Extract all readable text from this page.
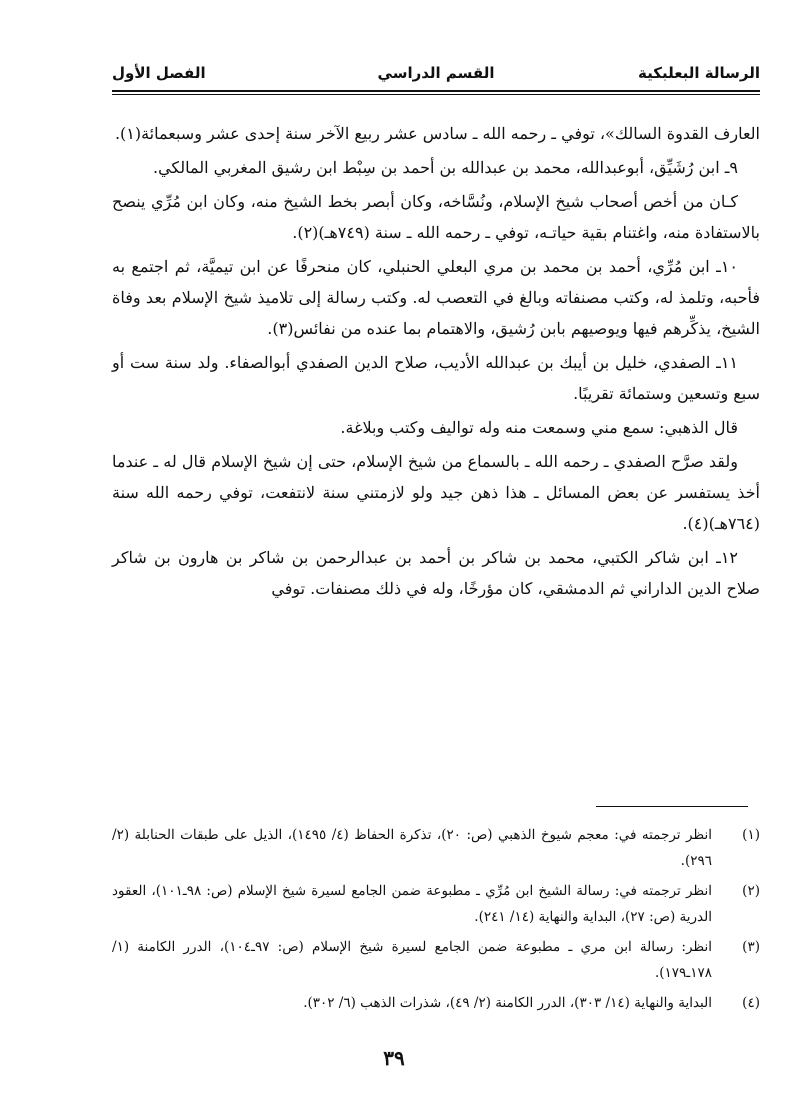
الرسالة البعلبكية
القسم الدراسي
الفصل الأول

العارف القدوة السالك»، توفي ـ رحمه الله ـ سادس عشر ربيع الآخر سنة إحدى عشر وسبعمائة(١).

٩ـ ابن رُشَيِّق، أبوعبدالله، محمد بن عبدالله بن أحمد بن سِبْط ابن رشيق المغربي المالكي.

كـان من أخص أصحاب شيخ الإسلام، ونُسَّاخه، وكان أبصر بخط الشيخ منه، وكان ابن مُرِّي ينصح بالاستفادة منه، واغتنام بقية حياتـه، توفي ـ رحمه الله ـ سنة (٧٤٩هـ)(٢).

١٠ـ ابن مُرِّي، أحمد بن محمد بن مري البعلي الحنبلي، كان منحرفًا عن ابن تيميَّة، ثم اجتمع به فأحبه، وتلمذ له، وكتب مصنفاته وبالغ في التعصب له. وكتب رسالة إلى تلاميذ شيخ الإسلام بعد وفاة الشيخ، يذكِّرهم فيها ويوصيهم بابن رُشيق، والاهتمام بما عنده من نفائس(٣).

١١ـ الصفدي، خليل بن أيبك بن عبدالله الأديب، صلاح الدين الصفدي أبوالصفاء. ولد سنة ست أو سبع وتسعين وستمائة تقريبًا.

قال الذهبي: سمع مني وسمعت منه وله تواليف وكتب وبلاغة.

ولقد صرَّح الصفدي ـ رحمه الله ـ بالسماع من شيخ الإسلام، حتى إن شيخ الإسلام قال له ـ عندما أخذ يستفسر عن بعض المسائل ـ هذا ذهن جيد ولو لازمتني سنة لانتفعت، توفي رحمه الله سنة (٧٦٤هـ)(٤).

١٢ـ ابن شاكر الكتبي، محمد بن شاكر بن أحمد بن عبدالرحمن بن شاكر بن هارون بن شاكر صلاح الدين الداراني ثم الدمشقي، كان مؤرخًا، وله في ذلك مصنفات. توفي

(١)
انظر ترجمته في: معجم شيوخ الذهبي (ص: ٢٠)، تذكرة الحفاظ (٤/ ١٤٩٥)، الذيل على طبقات الحنابلة (٢/ ٢٩٦).
(٢)
انظر ترجمته في: رسالة الشيخ ابن مُرِّي ـ مطبوعة ضمن الجامع لسيرة شيخ الإسلام (ص: ٩٨ـ١٠١)، العقود الدرية (ص: ٢٧)، البداية والنهاية (١٤/ ٢٤١).
(٣)
انظر: رسالة ابن مري ـ مطبوعة ضمن الجامع لسيرة شيخ الإسلام (ص: ٩٧ـ١٠٤)، الدرر الكامنة (١/ ١٧٨ـ١٧٩).
(٤)
البداية والنهاية (١٤/ ٣٠٣)، الدرر الكامنة (٢/ ٤٩)، شذرات الذهب (٦/ ٣٠٢).
٣٩
